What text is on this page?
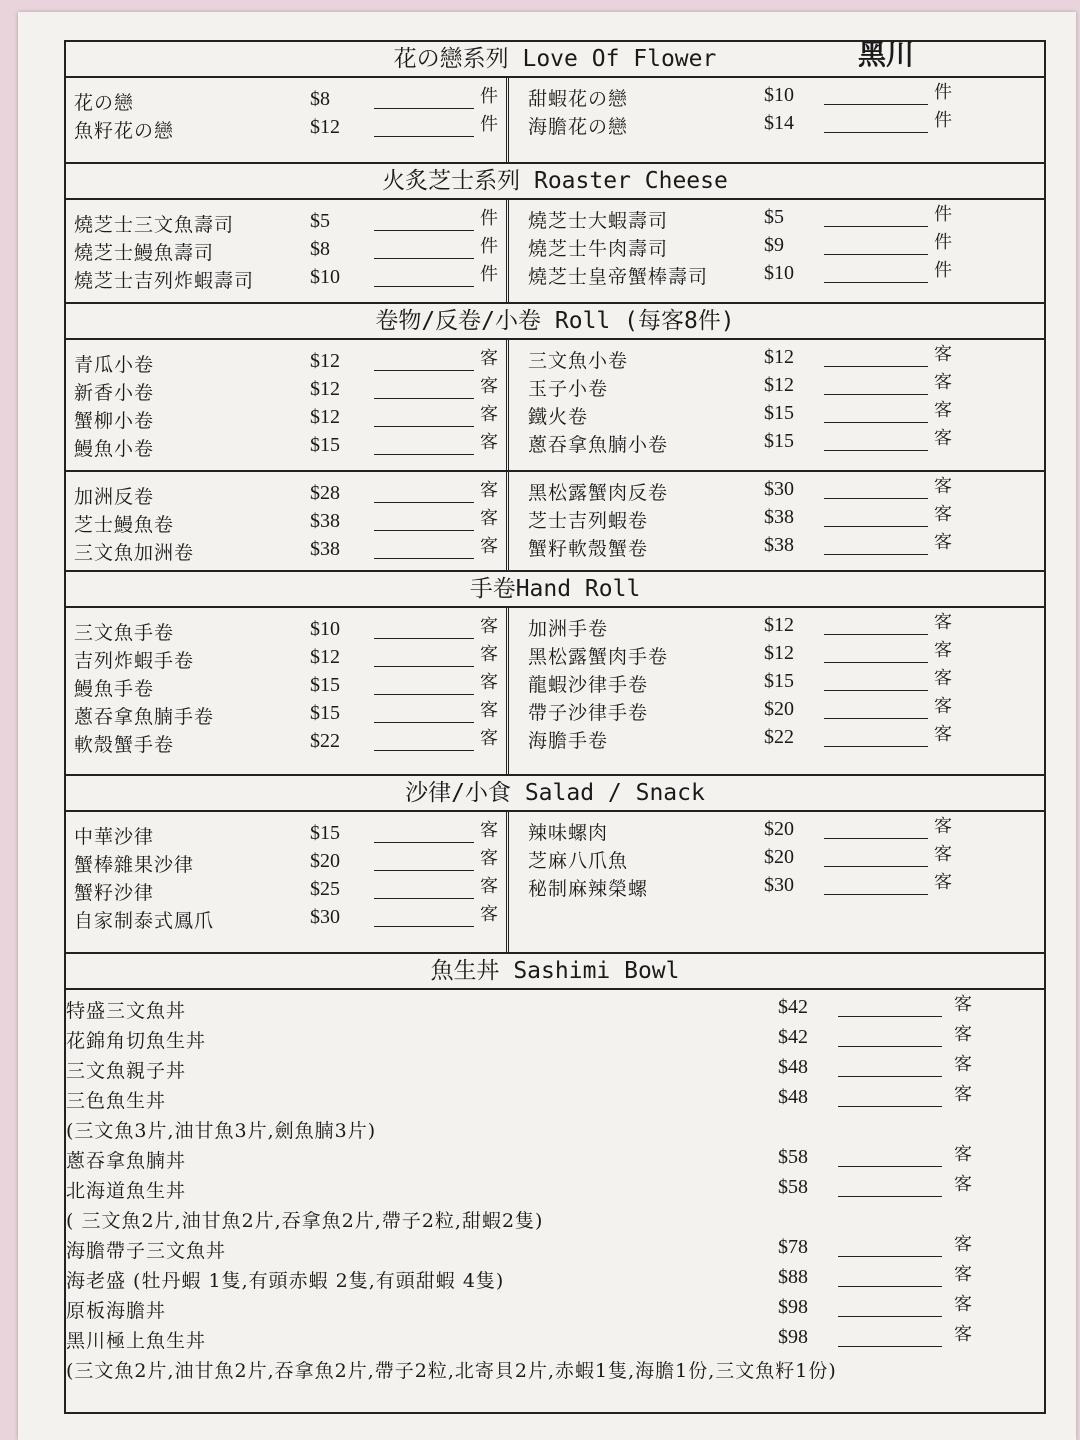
花の戀系列 Love Of Flower	黑川
花の戀	$8	件
魚籽花の戀	$12	件
甜蝦花の戀	$10	件
海膽花の戀	$14	件
火炙芝士系列 Roaster Cheese
燒芝士三文魚壽司	$5	件
燒芝士鰻魚壽司	$8	件
燒芝士吉列炸蝦壽司	$10	件
燒芝士大蝦壽司	$5	件
燒芝士牛肉壽司	$9	件
燒芝士皇帝蟹棒壽司	$10	件
卷物/反卷/小卷 Roll (每客8件)
青瓜小卷	$12	客
新香小卷	$12	客
蟹柳小卷	$12	客
鰻魚小卷	$15	客
三文魚小卷	$12	客
玉子小卷	$12	客
鐵火卷	$15	客
蔥吞拿魚腩小卷	$15	客
加洲反卷	$28	客
芝士鰻魚卷	$38	客
三文魚加洲卷	$38	客
黑松露蟹肉反卷	$30	客
芝士吉列蝦卷	$38	客
蟹籽軟殼蟹卷	$38	客
手卷Hand Roll
三文魚手卷	$10	客
吉列炸蝦手卷	$12	客
鰻魚手卷	$15	客
蔥吞拿魚腩手卷	$15	客
軟殼蟹手卷	$22	客
加洲手卷	$12	客
黑松露蟹肉手卷	$12	客
龍蝦沙律手卷	$15	客
帶子沙律手卷	$20	客
海膽手卷	$22	客
沙律/小食 Salad / Snack
中華沙律	$15	客
蟹棒雜果沙律	$20	客
蟹籽沙律	$25	客
自家制泰式鳳爪	$30	客
辣味螺肉	$20	客
芝麻八爪魚	$20	客
秘制麻辣榮螺	$30	客
魚生丼 Sashimi Bowl
特盛三文魚丼	$42	客
花錦角切魚生丼	$42	客
三文魚親子丼	$48	客
三色魚生丼	$48	客
(三文魚3片,油甘魚3片,劍魚腩3片)
蔥吞拿魚腩丼	$58	客
北海道魚生丼	$58	客
( 三文魚2片,油甘魚2片,吞拿魚2片,帶子2粒,甜蝦2隻)
海膽帶子三文魚丼	$78	客
海老盛 (牡丹蝦 1隻,有頭赤蝦 2隻,有頭甜蝦 4隻)	$88	客
原板海膽丼	$98	客
黑川極上魚生丼	$98	客
(三文魚2片,油甘魚2片,吞拿魚2片,帶子2粒,北寄貝2片,赤蝦1隻,海膽1份,三文魚籽1份)
